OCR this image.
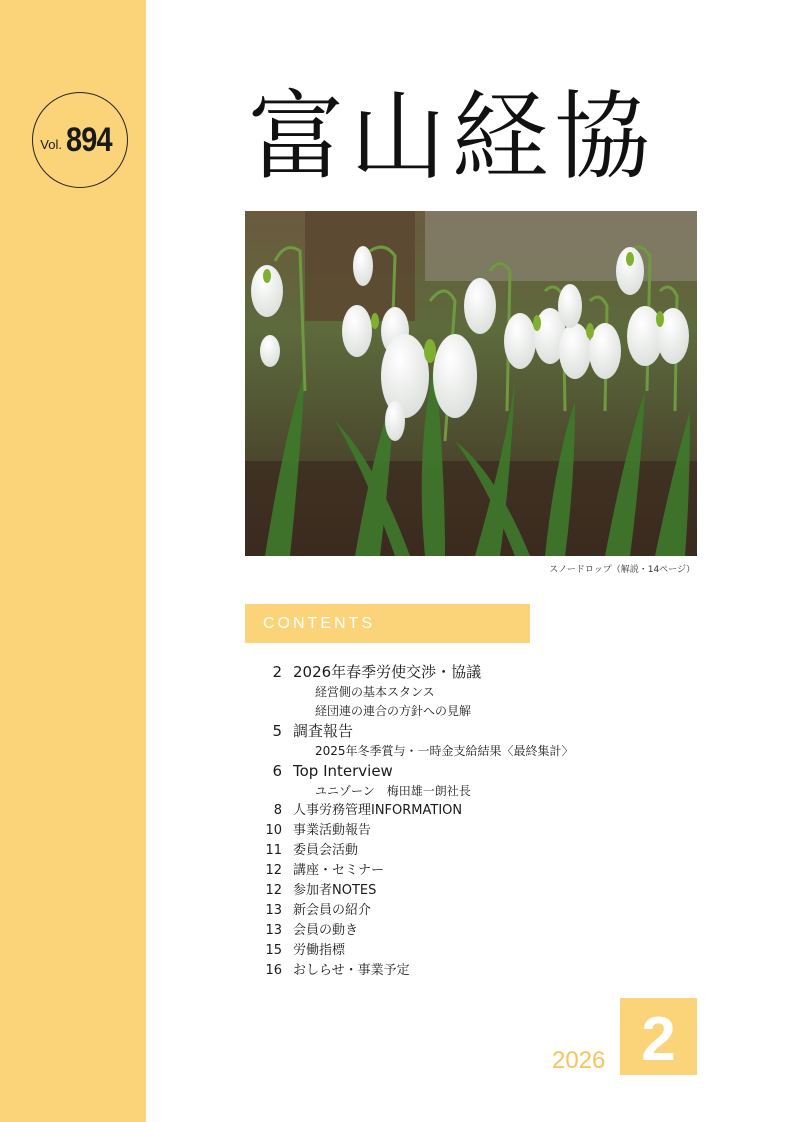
Vol. 894 富山経協
スノードロップ（解説・14ページ）
CONTENTS
2 2026年春季労使交渉・協議
経営側の基本スタンス
経団連の連合の方針への見解
5 調査報告
2025年冬季賞与・一時金支給結果〈最終集計〉
6 Top Interview
ユニゾーン　梅田雄一朗社長
8 人事労務管理INFORMATION
10 事業活動報告
11 委員会活動
12 講座・セミナー
12 参加者NOTES
13 新会員の紹介
13 会員の動き
15 労働指標
16 おしらせ・事業予定
2026 2
